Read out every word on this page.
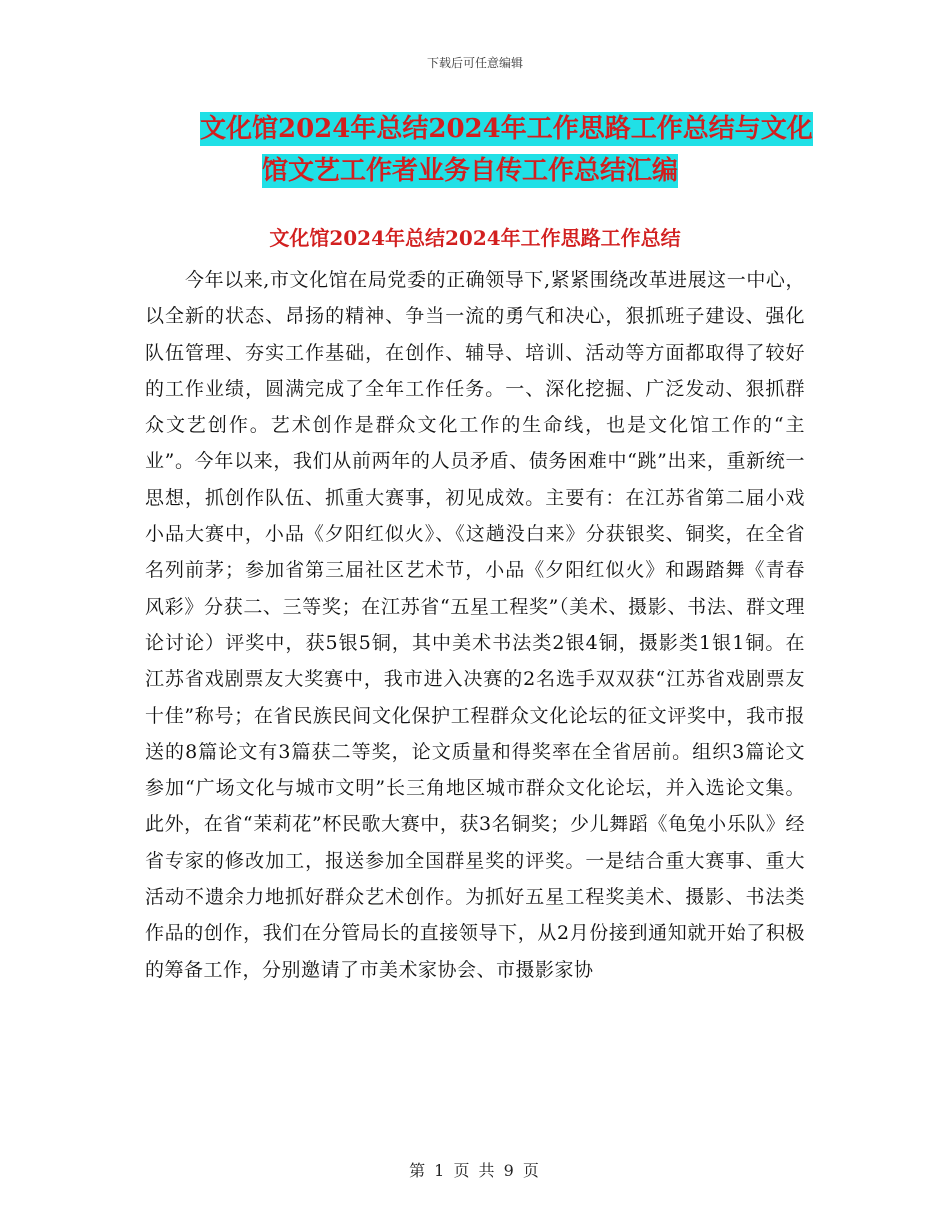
下载后可任意编辑
文化馆2024年总结2024年工作思路工作总结与文化
馆文艺工作者业务自传工作总结汇编
文化馆2024年总结2024年工作思路工作总结

今年以来,市文化馆在局党委的正确领导下,紧紧围绕改革进展这一中心，以全新的状态、昂扬的精神、争当一流的勇气和决心，狠抓班子建设、强化队伍管理、夯实工作基础，在创作、辅导、培训、活动等方面都取得了较好的工作业绩，圆满完成了全年工作任务。一、深化挖掘、广泛发动、狠抓群众文艺创作。艺术创作是群众文化工作的生命线，也是文化馆工作的“主业”。今年以来，我们从前两年的人员矛盾、债务困难中“跳”出来，重新统一思想，抓创作队伍、抓重大赛事，初见成效。主要有：在江苏省第二届小戏小品大赛中，小品《夕阳红似火》、《这趟没白来》分获银奖、铜奖，在全省名列前茅；参加省第三届社区艺术节，小品《夕阳红似火》和踢踏舞《青春风彩》分获二、三等奖；在江苏省“五星工程奖”（美术、摄影、书法、群文理论讨论）评奖中，获5银5铜，其中美术书法类2银4铜，摄影类1银1铜。在江苏省戏剧票友大奖赛中，我市进入决赛的2名选手双双获“江苏省戏剧票友十佳”称号；在省民族民间文化保护工程群众文化论坛的征文评奖中，我市报送的8篇论文有3篇获二等奖，论文质量和得奖率在全省居前。组织3篇论文参加“广场文化与城市文明”长三角地区城市群众文化论坛，并入选论文集。此外，在省“茉莉花”杯民歌大赛中，获3名铜奖；少儿舞蹈《龟兔小乐队》经省专家的修改加工，报送参加全国群星奖的评奖。一是结合重大赛事、重大活动不遗余力地抓好群众艺术创作。为抓好五星工程奖美术、摄影、书法类作品的创作，我们在分管局长的直接领导下，从2月份接到通知就开始了积极的筹备工作，分别邀请了市美术家协会、市摄影家协

第 1 页 共 9 页
